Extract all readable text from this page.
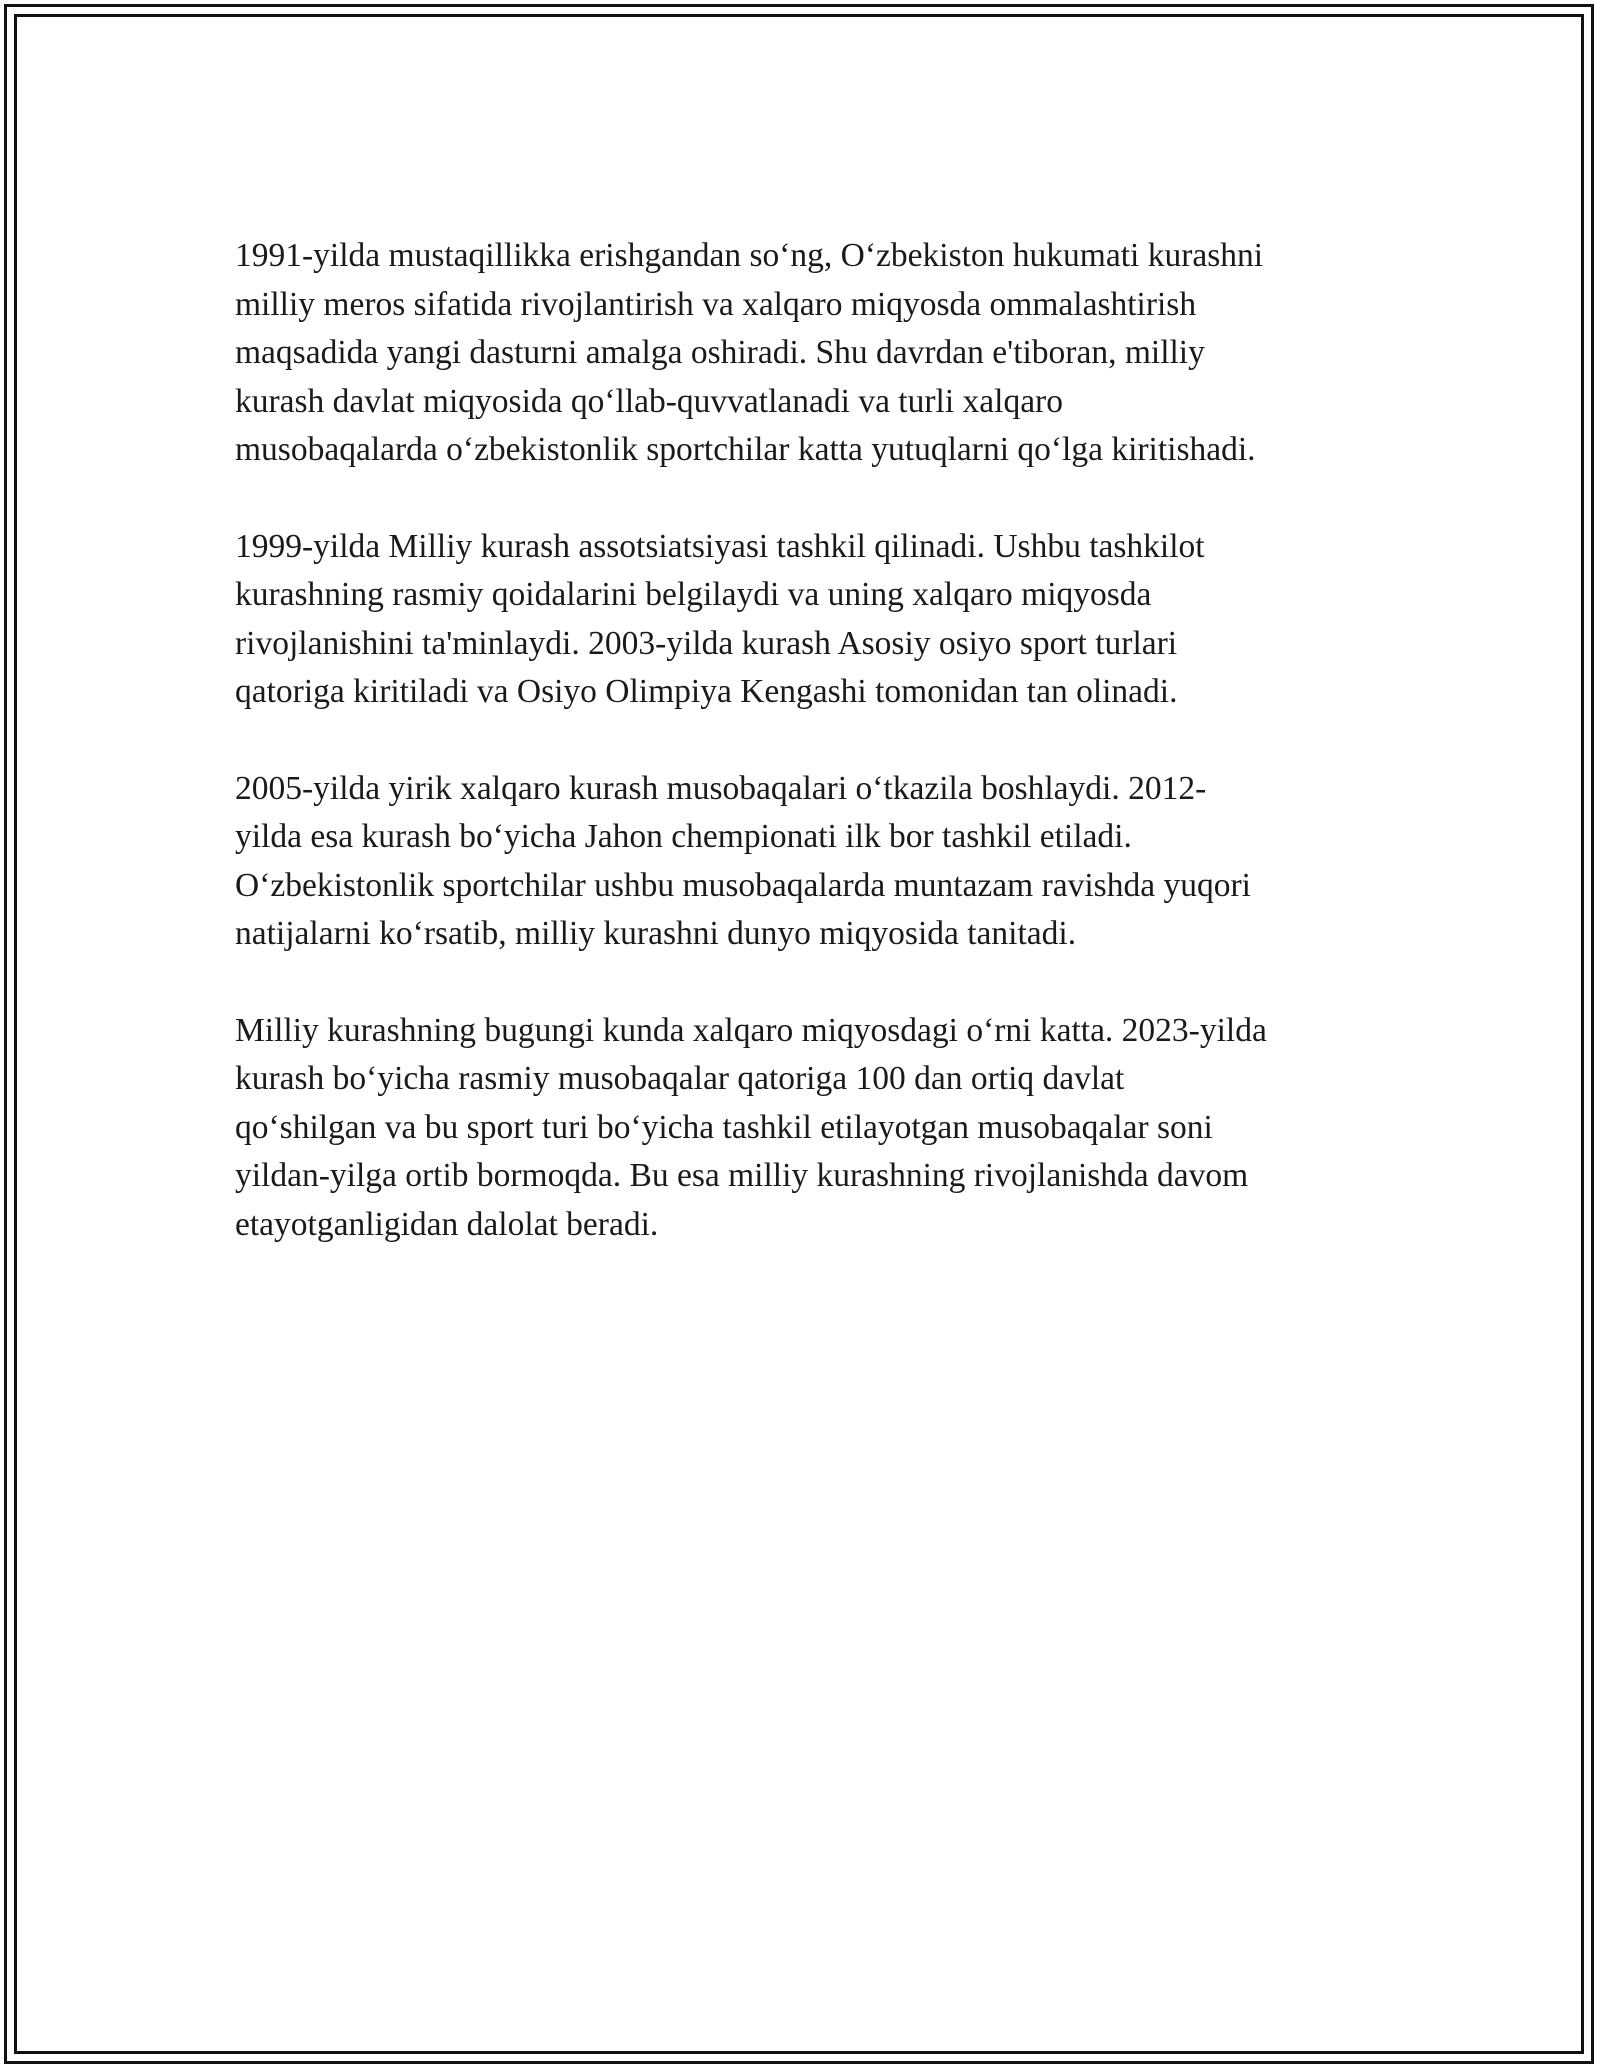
1991-yilda mustaqillikka erishgandan so‘ng, O‘zbekiston hukumati kurashni
milliy meros sifatida rivojlantirish va xalqaro miqyosda ommalashtirish
maqsadida yangi dasturni amalga oshiradi. Shu davrdan e'tiboran, milliy
kurash davlat miqyosida qo‘llab-quvvatlanadi va turli xalqaro
musobaqalarda o‘zbekistonlik sportchilar katta yutuqlarni qo‘lga kiritishadi.

1999-yilda Milliy kurash assotsiatsiyasi tashkil qilinadi. Ushbu tashkilot
kurashning rasmiy qoidalarini belgilaydi va uning xalqaro miqyosda
rivojlanishini ta'minlaydi. 2003-yilda kurash Asosiy osiyo sport turlari
qatoriga kiritiladi va Osiyo Olimpiya Kengashi tomonidan tan olinadi.

2005-yilda yirik xalqaro kurash musobaqalari o‘tkazila boshlaydi. 2012-
yilda esa kurash bo‘yicha Jahon chempionati ilk bor tashkil etiladi.
O‘zbekistonlik sportchilar ushbu musobaqalarda muntazam ravishda yuqori
natijalarni ko‘rsatib, milliy kurashni dunyo miqyosida tanitadi.

Milliy kurashning bugungi kunda xalqaro miqyosdagi o‘rni katta. 2023-yilda
kurash bo‘yicha rasmiy musobaqalar qatoriga 100 dan ortiq davlat
qo‘shilgan va bu sport turi bo‘yicha tashkil etilayotgan musobaqalar soni
yildan-yilga ortib bormoqda. Bu esa milliy kurashning rivojlanishda davom
etayotganligidan dalolat beradi.
